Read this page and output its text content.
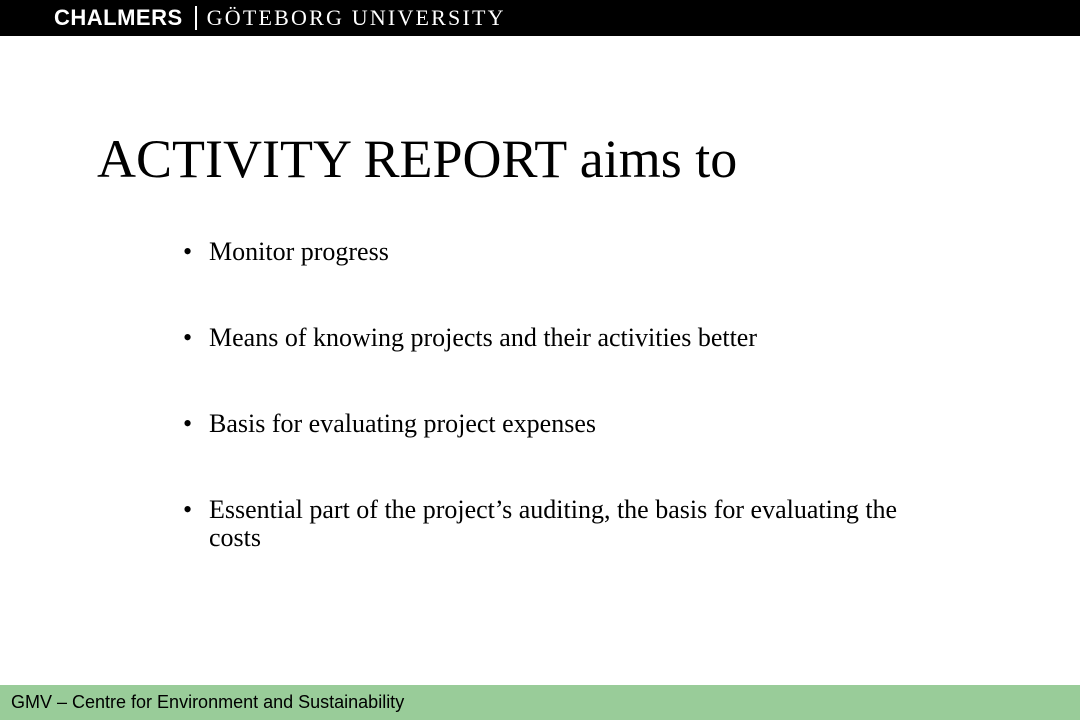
CHALMERS GÖTEBORG UNIVERSITY
ACTIVITY REPORT aims to
• Monitor progress
• Means of knowing projects and their activities better
• Basis for evaluating project expenses
• Essential part of the project’s auditing, the basis for evaluating the costs
GMV – Centre for Environment and Sustainability
